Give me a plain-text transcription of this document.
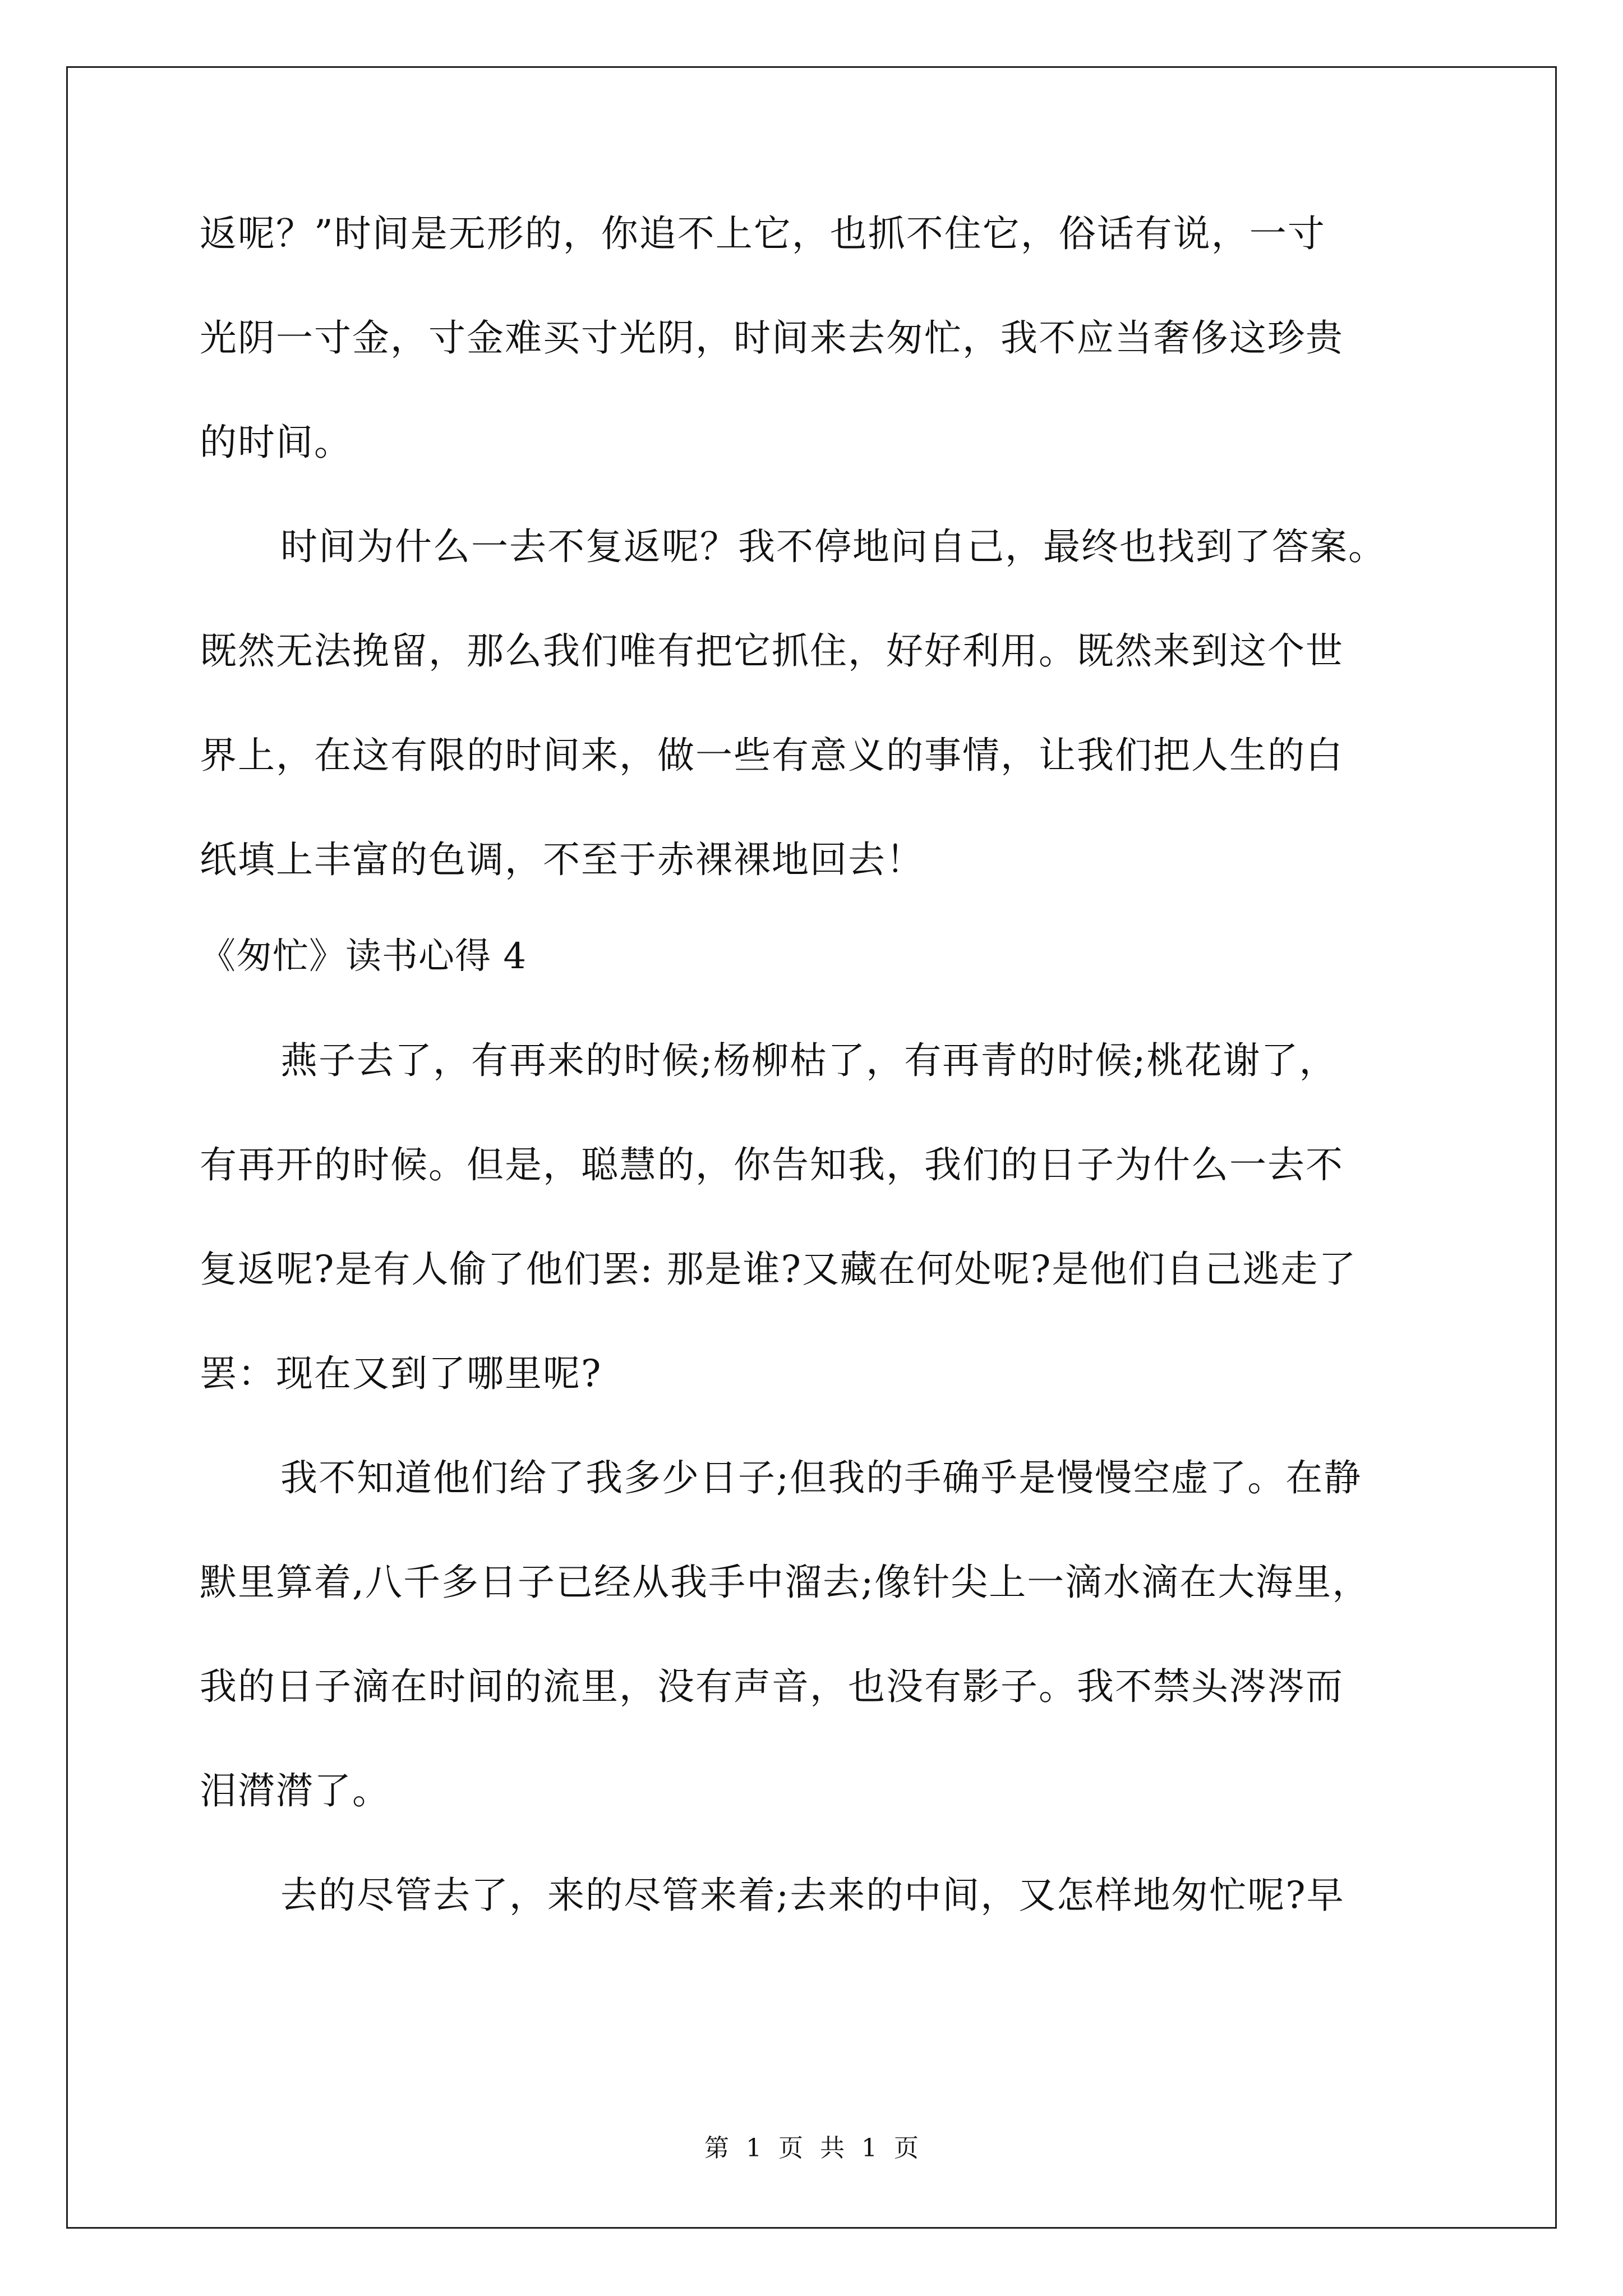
返呢？”时间是无形的，你追不上它，也抓不住它，俗话有说，一寸

光阴一寸金，寸金难买寸光阴，时间来去匆忙，我不应当奢侈这珍贵

的时间。

时间为什么一去不复返呢？我不停地问自己，最终也找到了答案。

既然无法挽留，那么我们唯有把它抓住，好好利用。既然来到这个世

界上，在这有限的时间来，做一些有意义的事情，让我们把人生的白

纸填上丰富的色调，不至于赤裸裸地回去！

《匆忙》读书心得 4

燕子去了，有再来的时候;杨柳枯了，有再青的时候;桃花谢了，

有再开的时候。但是，聪慧的，你告知我，我们的日子为什么一去不

复返呢?是有人偷了他们罢: 那是谁?又藏在何处呢?是他们自己逃走了

罢：现在又到了哪里呢?

我不知道他们给了我多少日子;但我的手确乎是慢慢空虚了。在静

默里算着,八千多日子已经从我手中溜去;像针尖上一滴水滴在大海里，

我的日子滴在时间的流里，没有声音，也没有影子。我不禁头涔涔而

泪潸潸了。

去的尽管去了，来的尽管来着;去来的中间，又怎样地匆忙呢?早

第 1 页 共 1 页
